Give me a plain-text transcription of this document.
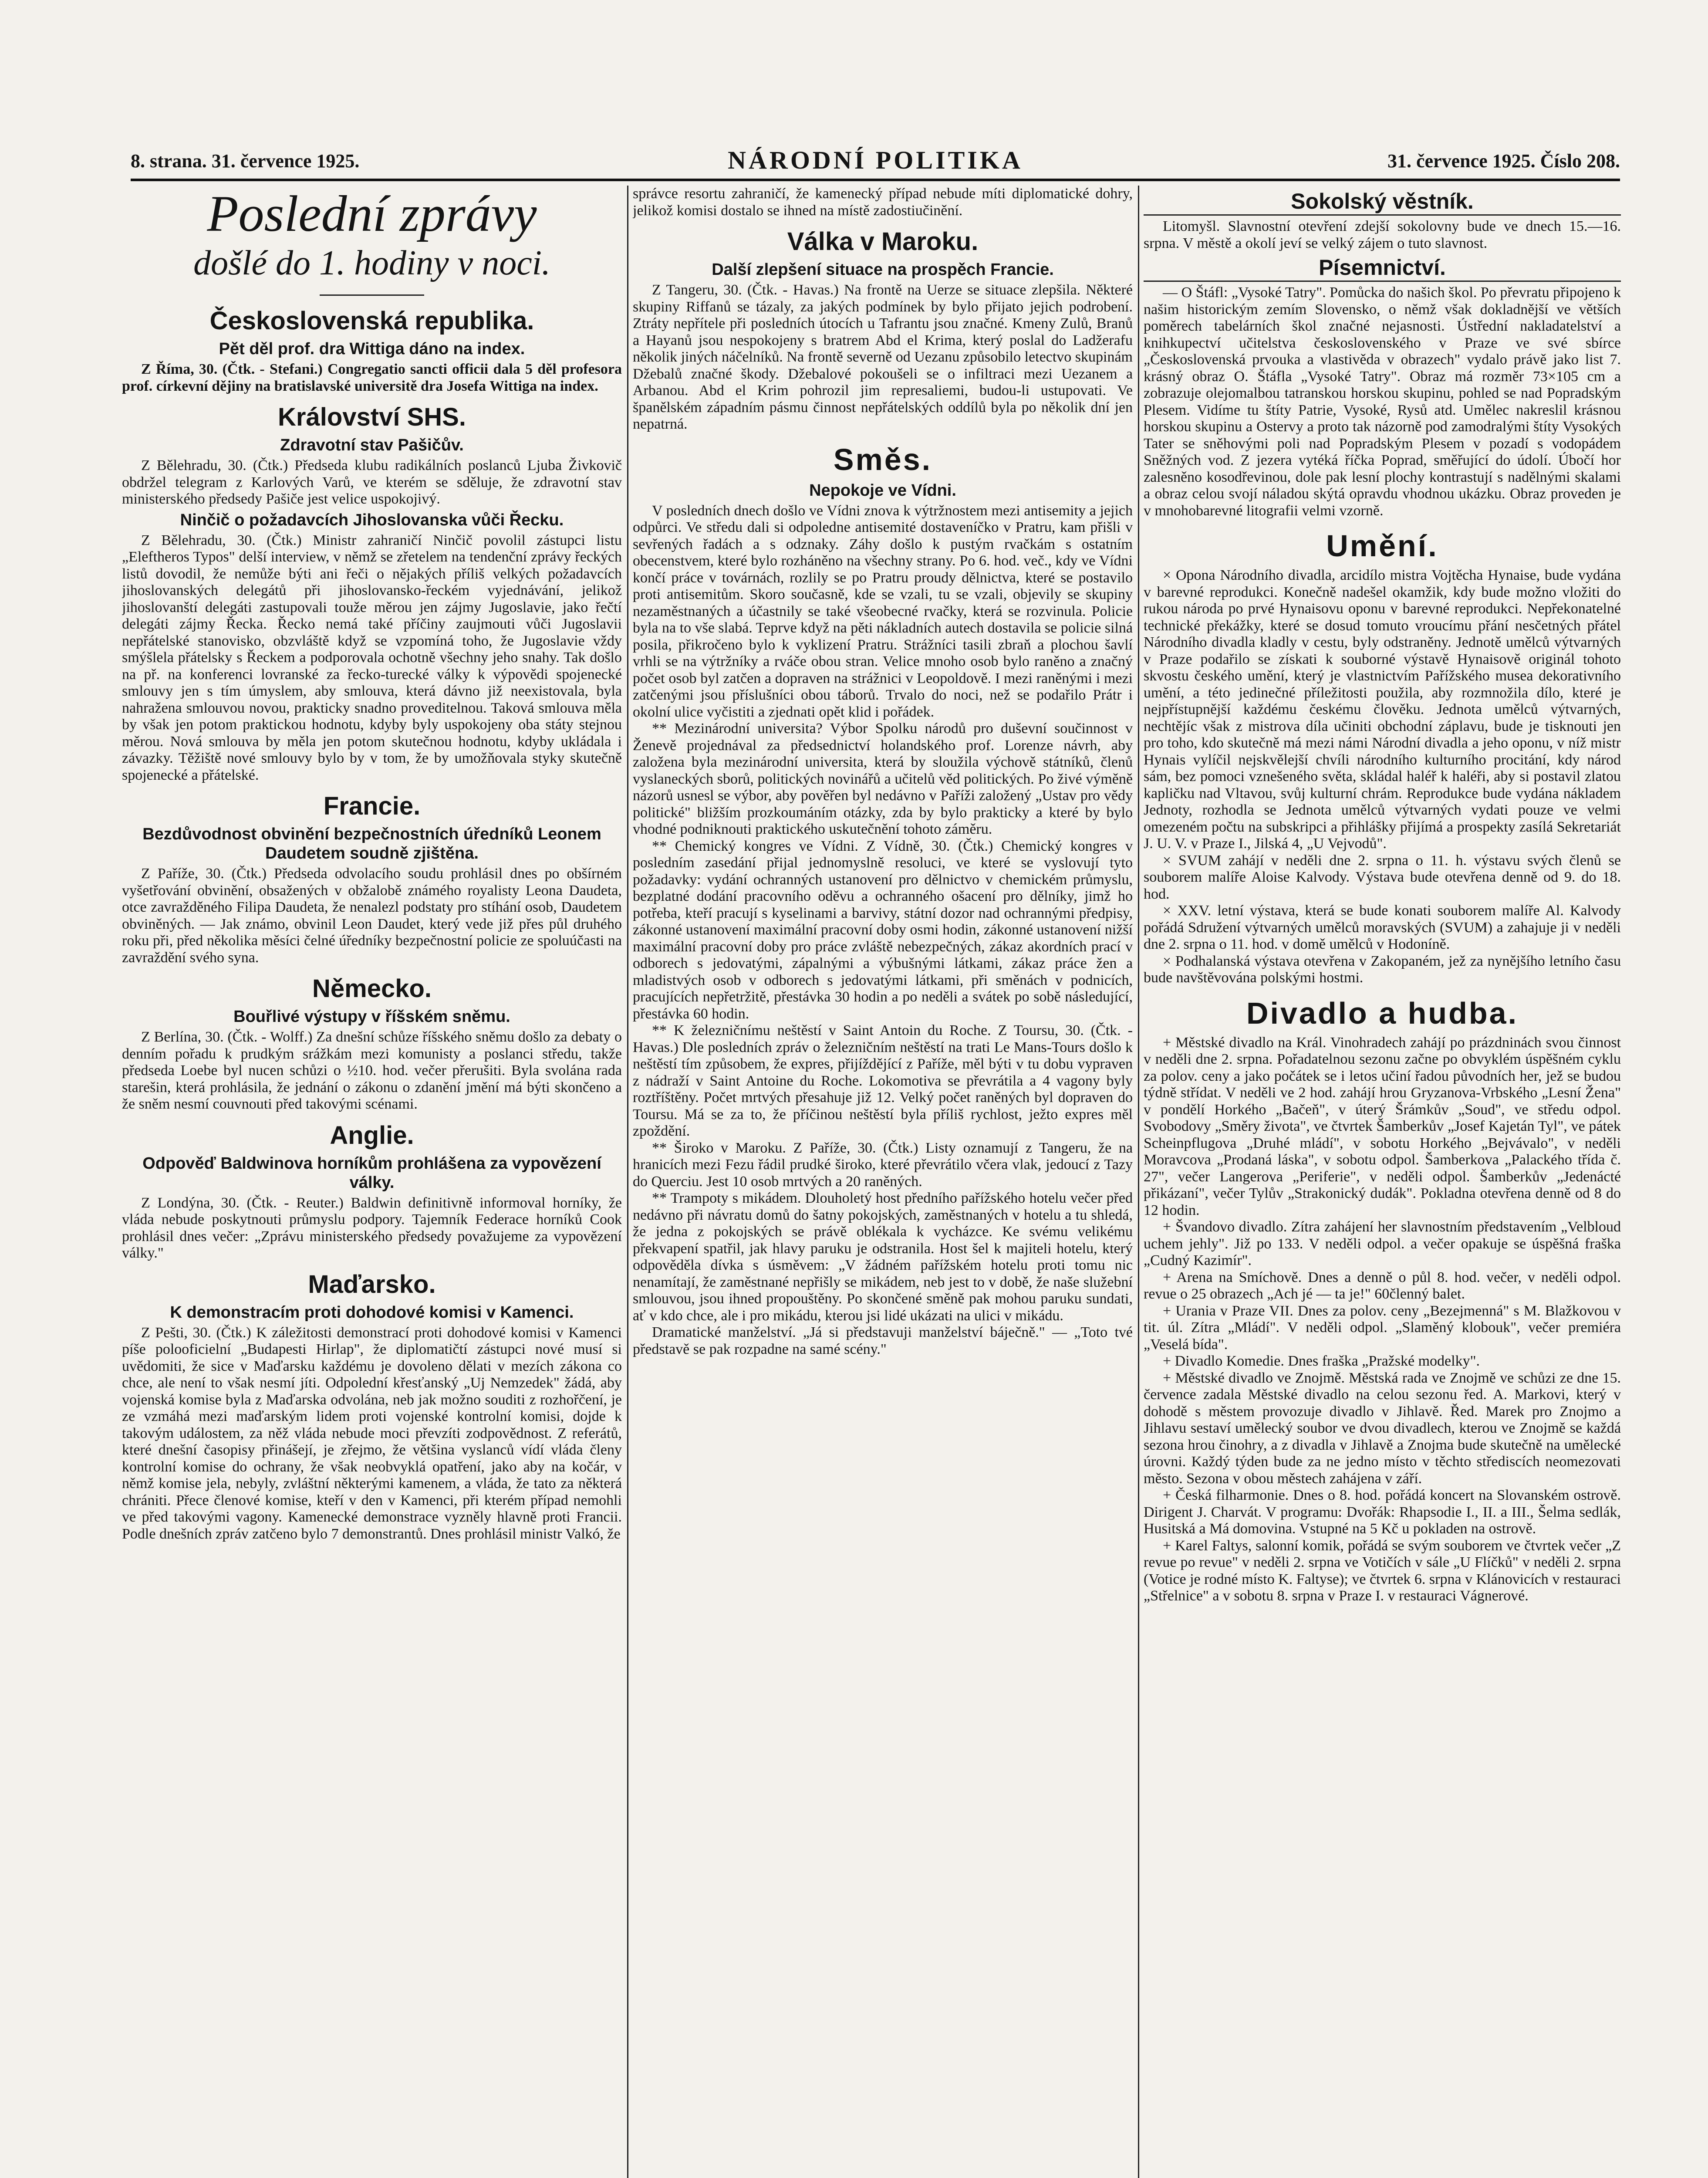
8. strana. 31. července 1925.	NÁRODNÍ POLITIKA	31. července 1925. Číslo 208.
Poslední zprávy
došlé do 1. hodiny v noci.
Československá republika.
Pět děl prof. dra Wittiga dáno na index.

Z Říma, 30. (Čtk. - Stefani.) Congregatio sancti officii dala 5 děl profesora prof. církevní dějiny na bratislavské universitě dra Josefa Wittiga na index.

Království SHS.
Zdravotní stav Pašičův.

Z Bělehradu, 30. (Čtk.) Předseda klubu radikálních poslanců Ljuba Živkovič obdržel telegram z Karlových Varů, ve kterém se sděluje, že zdravotní stav ministerského předsedy Pašiče jest velice uspokojivý.

Ninčič o požadavcích Jihoslovanska vůči Řecku.

Z Bělehradu, 30. (Čtk.) Ministr zahraničí Ninčič povolil zástupci listu „Eleftheros Typos" delší interview, v němž se zřetelem na tendenční zprávy řeckých listů dovodil, že nemůže býti ani řeči o nějakých příliš velkých požadavcích jihoslovanských delegátů při jihoslovansko-řeckém vyjednávání, jelikož jihoslovanští delegáti zastupovali touže měrou jen zájmy Jugoslavie, jako řečtí delegáti zájmy Řecka. Řecko nemá také příčiny zaujmouti vůči Jugoslavii nepřátelské stanovisko, obzvláště když se vzpomíná toho, že Jugoslavie vždy smýšlela přátelsky s Řeckem a podporovala ochotně všechny jeho snahy. Tak došlo na př. na konferenci lovranské za řecko-turecké války k výpovědi spojenecké smlouvy jen s tím úmyslem, aby smlouva, která dávno již neexistovala, byla nahražena smlouvou novou, prakticky snadno proveditelnou. Taková smlouva měla by však jen potom praktickou hodnotu, kdyby byly uspokojeny oba státy stejnou měrou. Nová smlouva by měla jen potom skutečnou hodnotu, kdyby ukládala i závazky. Těžiště nové smlouvy bylo by v tom, že by umožňovala styky skutečně spojenecké a přátelské.

Francie.
Bezdůvodnost obvinění bezpečnostních úředníků Leonem Daudetem soudně zjištěna.

Z Paříže, 30. (Čtk.) Předseda odvolacího soudu prohlásil dnes po obšírném vyšetřování obvinění, obsažených v obžalobě známého royalisty Leona Daudeta, otce zavražděného Filipa Daudeta, že nenalezl podstaty pro stíhání osob, Daudetem obviněných. — Jak známo, obvinil Leon Daudet, který vede již přes půl druhého roku při, před několika měsíci čelné úředníky bezpečnostní policie ze spoluúčasti na zavraždění svého syna.

Německo.
Bouřlivé výstupy v říšském sněmu.

Z Berlína, 30. (Čtk. - Wolff.) Za dnešní schůze říšského sněmu došlo za debaty o denním pořadu k prudkým srážkám mezi komunisty a poslanci středu, takže předseda Loebe byl nucen schůzi o ½10. hod. večer přerušiti. Byla svolána rada starešin, která prohlásila, že jednání o zákonu o zdanění jmění má býti skončeno a že sněm nesmí couvnouti před takovými scénami.

Anglie.
Odpověď Baldwinova horníkům prohlášena za vypovězení války.

Z Londýna, 30. (Čtk. - Reuter.) Baldwin definitivně informoval horníky, že vláda nebude poskytnouti průmyslu podpory. Tajemník Federace horníků Cook prohlásil dnes večer: „Zprávu ministerského předsedy považujeme za vypovězení války."

Maďarsko.
K demonstracím proti dohodové komisi v Kamenci.

Z Pešti, 30. (Čtk.) K záležitosti demonstrací proti dohodové komisi v Kamenci píše polooficielní „Budapesti Hirlap", že diplomatičtí zástupci nové musí si uvědomiti, že sice v Maďarsku každému je dovoleno dělati v mezích zákona co chce, ale není to však nesmí jíti. Odpolední křesťanský „Uj Nemzedek" žádá, aby vojenská komise byla z Maďarska odvolána, neb jak možno souditi z rozhořčení, je ze vzmáhá mezi maďarským lidem proti vojenské kontrolní komisi, dojde k takovým událostem, za něž vláda nebude moci převzíti zodpovědnost. Z referátů, které dnešní časopisy přinášejí, je zřejmo, že většina vyslanců vídí vláda členy kontrolní komise do ochrany, že však neobvyklá opatření, jako aby na kočár, v němž komise jela, nebyly, zvláštní některými kamenem, a vláda, že tato za některá chrániti. Přece členové komise, kteří v den v Kamenci, při kterém případ nemohli ve před takovými vagony. Kamenecké demonstrace vyzněly hlavně proti Francii. Podle dnešních zpráv zatčeno bylo 7 demonstrantů. Dnes prohlásil ministr Valkó, že

správce resortu zahraničí, že kamenecký případ nebude míti diplomatické dohry, jelikož komisi dostalo se ihned na místě zadostiučinění.

Válka v Maroku.
Další zlepšení situace na prospěch Francie.

Z Tangeru, 30. (Čtk. - Havas.) Na frontě na Uerze se situace zlepšila. Některé skupiny Riffanů se tázaly, za jakých podmínek by bylo přijato jejich podrobení. Ztráty nepřítele při posledních útocích u Tafrantu jsou značné. Kmeny Zulů, Branů a Hayanů jsou nespokojeny s bratrem Abd el Krima, který poslal do Ladžerafu několik jiných náčelníků. Na frontě severně od Uezanu způsobilo letectvo skupinám Džebalů značné škody. Džebalové pokoušeli se o infiltraci mezi Uezanem a Arbanou. Abd el Krim pohrozil jim represaliemi, budou-li ustupovati. Ve španělském západním pásmu činnost nepřátelských oddílů byla po několik dní jen nepatrná.

Směs.
Nepokoje ve Vídni.

V posledních dnech došlo ve Vídni znova k výtržnostem mezi antisemity a jejich odpůrci. Ve středu dali si odpoledne antisemité dostaveníčko v Pratru, kam přišli v sevřených řadách a s odznaky. Záhy došlo k pustým rvačkám s ostatním obecenstvem, které bylo rozháněno na všechny strany. Po 6. hod. več., kdy ve Vídni končí práce v továrnách, rozlily se po Pratru proudy dělnictva, které se postavilo proti antisemitům. Skoro současně, kde se vzali, tu se vzali, objevily se skupiny nezaměstnaných a účastnily se také všeobecné rvačky, která se rozvinula. Policie byla na to vše slabá. Teprve když na pěti nákladních autech dostavila se policie silná posila, přikročeno bylo k vyklizení Pratru. Strážníci tasili zbraň a plochou šavlí vrhli se na výtržníky a rváče obou stran. Velice mnoho osob bylo raněno a značný počet osob byl zatčen a dopraven na strážnici v Leopoldově. I mezi raněnými i mezi zatčenými jsou příslušníci obou táborů. Trvalo do noci, než se podařilo Prátr i okolní ulice vyčistiti a zjednati opět klid i pořádek.

** Mezinárodní universita? Výbor Spolku národů pro duševní součinnost v Ženevě projednával za předsednictví holandského prof. Lorenze návrh, aby založena byla mezinárodní universita, která by sloužila výchově státníků, členů vyslaneckých sborů, politických novinářů a učitelů věd politických. Po živé výměně názorů usnesl se výbor, aby pověřen byl nedávno v Paříži založený „Ustav pro vědy politické" bližším prozkoumáním otázky, zda by bylo prakticky a které by bylo vhodné podniknouti praktického uskutečnění tohoto záměru.

** Chemický kongres ve Vídni. Z Vídně, 30. (Čtk.) Chemický kongres v posledním zasedání přijal jednomyslně resoluci, ve které se vyslovují tyto požadavky: vydání ochranných ustanovení pro dělnictvo v chemickém průmyslu, bezplatné dodání pracovního oděvu a ochranného ošacení pro dělníky, jimž ho potřeba, kteří pracují s kyselinami a barvivy, státní dozor nad ochrannými předpisy, zákonné ustanovení maximální pracovní doby osmi hodin, zákonné ustanovení nižší maximální pracovní doby pro práce zvláště nebezpečných, zákaz akordních prací v odborech s jedovatými, zápalnými a výbušnými látkami, zákaz práce žen a mladistvých osob v odborech s jedovatými látkami, při směnách v podnicích, pracujících nepřetržitě, přestávka 30 hodin a po neděli a svátek po sobě následující, přestávka 60 hodin.

** K železničnímu neštěstí v Saint Antoin du Roche. Z Toursu, 30. (Čtk. - Havas.) Dle posledních zpráv o železničním neštěstí na trati Le Mans-Tours došlo k neštěstí tím způsobem, že expres, přijíždějící z Paříže, měl býti v tu dobu vypraven z nádraží v Saint Antoine du Roche. Lokomotiva se převrátila a 4 vagony byly roztříštěny. Počet mrtvých přesahuje již 12. Velký počet raněných byl dopraven do Toursu. Má se za to, že příčinou neštěstí byla příliš rychlost, ježto expres měl zpoždění.

** Široko v Maroku. Z Paříže, 30. (Čtk.) Listy oznamují z Tangeru, že na hranicích mezi Fezu řádil prudké široko, které převrátilo včera vlak, jedoucí z Tazy do Querciu. Jest 10 osob mrtvých a 20 raněných.

** Trampoty s mikádem. Dlouholetý host předního pařížského hotelu večer před nedávno při návratu domů do šatny pokojských, zaměstnaných v hotelu a tu shledá, že jedna z pokojských se právě oblékala k vycházce. Ke svému velikému překvapení spatřil, jak hlavy paruku je odstranila. Host šel k majiteli hotelu, který odpověděla dívka s úsměvem: „V žádném pařížském hotelu proti tomu nic nenamítají, že zaměstnané nepřišly se mikádem, neb jest to v době, že naše služební smlouvou, jsou ihned propouštěny. Po skončené směně pak mohou paruku sundati, ať v kdo chce, ale i pro mikádu, kterou jsi lidé ukázati na ulici v mikádu.

Dramatické manželství. „Já si představuji manželství báječně." — „Toto tvé představě se pak rozpadne na samé scény."

Sokolský věstník.

Litomyšl. Slavnostní otevření zdejší sokolovny bude ve dnech 15.—16. srpna. V městě a okolí jeví se velký zájem o tuto slavnost.

Písemnictví.

— O Štáfl: „Vysoké Tatry". Pomůcka do našich škol. Po převratu připojeno k našim historickým zemím Slovensko, o němž však dokladnější ve větších poměrech tabelárních škol značné nejasnosti. Ústřední nakladatelství a knihkupectví učitelstva československého v Praze ve své sbírce „Československá prvouka a vlastivěda v obrazech" vydalo právě jako list 7. krásný obraz O. Štáfla „Vysoké Tatry". Obraz má rozměr 73×105 cm a zobrazuje olejomalbou tatranskou horskou skupinu, pohled se nad Popradským Plesem. Vidíme tu štíty Patrie, Vysoké, Rysů atd. Umělec nakreslil krásnou horskou skupinu a Ostervy a proto tak názorně pod zamodralými štíty Vysokých Tater se sněhovými poli nad Popradským Plesem v pozadí s vodopádem Sněžných vod. Z jezera vytéká říčka Poprad, směřující do údolí. Úbočí hor zalesněno kosodřevinou, dole pak lesní plochy kontrastují s nadělnými skalami a obraz celou svojí náladou skýtá opravdu vhodnou ukázku. Obraz proveden je v mnohobarevné litografii velmi vzorně.

Umění.

× Opona Národního divadla, arcidílo mistra Vojtěcha Hynaise, bude vydána v barevné reprodukci. Konečně nadešel okamžik, kdy bude možno vložiti do rukou národa po prvé Hynaisovu oponu v barevné reprodukci. Nepřekonatelné technické překážky, které se dosud tomuto vroucímu přání nesčetných přátel Národního divadla kladly v cestu, byly odstraněny. Jednotě umělců výtvarných v Praze podařilo se získati k souborné výstavě Hynaisově originál tohoto skvostu českého umění, který je vlastnictvím Pařížského musea dekorativního umění, a této jedinečné příležitosti použila, aby rozmnožila dílo, které je nejpřístupnější každému českému člověku. Jednota umělců výtvarných, nechtějíc však z mistrova díla učiniti obchodní záplavu, bude je tisknouti jen pro toho, kdo skutečně má mezi námi Národní divadla a jeho oponu, v níž mistr Hynais vylíčil nejskvělejší chvíli národního kulturního procitání, kdy národ sám, bez pomoci vznešeného světa, skládal haléř k haléři, aby si postavil zlatou kapličku nad Vltavou, svůj kulturní chrám. Reprodukce bude vydána nákladem Jednoty, rozhodla se Jednota umělců výtvarných vydati pouze ve velmi omezeném počtu na subskripci a přihlášky přijímá a prospekty zasílá Sekretariát J. U. V. v Praze I., Jilská 4, „U Vejvodů".

× SVUM zahájí v neděli dne 2. srpna o 11. h. výstavu svých členů se souborem malíře Aloise Kalvody. Výstava bude otevřena denně od 9. do 18. hod.

× XXV. letní výstava, která se bude konati souborem malíře Al. Kalvody pořádá Sdružení výtvarných umělců moravských (SVUM) a zahajuje ji v neděli dne 2. srpna o 11. hod. v domě umělců v Hodoníně.

× Podhalanská výstava otevřena v Zakopaném, jež za nynějšího letního času bude navštěvována polskými hostmi.

Divadlo a hudba.

+ Městské divadlo na Král. Vinohradech zahájí po prázdninách svou činnost v neděli dne 2. srpna. Pořadatelnou sezonu začne po obvyklém úspěšném cyklu za polov. ceny a jako počátek se i letos učiní řadou původních her, jež se budou týdně střídat. V neděli ve 2 hod. zahájí hrou Gryzanova-Vrbského „Lesní Žena" v pondělí Horkého „Bačeň", v úterý Šrámkův „Soud", ve středu odpol. Svobodovy „Směry života", ve čtvrtek Šamberkův „Josef Kajetán Tyl", ve pátek Scheinpflugova „Druhé mládí", v sobotu Horkého „Bejvávalo", v neděli Moravcova „Prodaná láska", v sobotu odpol. Šamberkova „Palackého třída č. 27", večer Langerova „Periferie", v neděli odpol. Šamberkův „Jedenácté přikázaní", večer Tylův „Strakonický dudák". Pokladna otevřena denně od 8 do 12 hodin.

+ Švandovo divadlo. Zítra zahájení her slavnostním představením „Velbloud uchem jehly". Již po 133. V neděli odpol. a večer opakuje se úspěšná fraška „Cudný Kazimír".

+ Arena na Smíchově. Dnes a denně o půl 8. hod. večer, v neděli odpol. revue o 25 obrazech „Ach jé — ta je!" 60členný balet.

+ Urania v Praze VII. Dnes za polov. ceny „Bezejmenná" s M. Blažkovou v tit. úl. Zítra „Mládí". V neděli odpol. „Slaměný klobouk", večer premiéra „Veselá bída".

+ Divadlo Komedie. Dnes fraška „Pražské modelky".

+ Městské divadlo ve Znojmě. Městská rada ve Znojmě ve schůzi ze dne 15. července zadala Městské divadlo na celou sezonu řed. A. Markovi, který v dohodě s městem provozuje divadlo v Jihlavě. Řed. Marek pro Znojmo a Jihlavu sestaví umělecký soubor ve dvou divadlech, kterou ve Znojmě se každá sezona hrou činohry, a z divadla v Jihlavě a Znojma bude skutečně na umělecké úrovni. Každý týden bude za ne jedno místo v těchto střediscích neomezovati město. Sezona v obou městech zahájena v září.

+ Česká filharmonie. Dnes o 8. hod. pořádá koncert na Slovanském ostrově. Dirigent J. Charvát. V programu: Dvořák: Rhapsodie I., II. a III., Šelma sedlák, Husitská a Má domovina. Vstupné na 5 Kč u pokladen na ostrově.

+ Karel Faltys, salonní komik, pořádá se svým souborem ve čtvrtek večer „Z revue po revue" v neděli 2. srpna ve Votičích v sále „U Flíčků" v neděli 2. srpna (Votice je rodné místo K. Faltyse); ve čtvrtek 6. srpna v Klánovicích v restauraci „Střelnice" a v sobotu 8. srpna v Praze I. v restauraci Vágnerové.
